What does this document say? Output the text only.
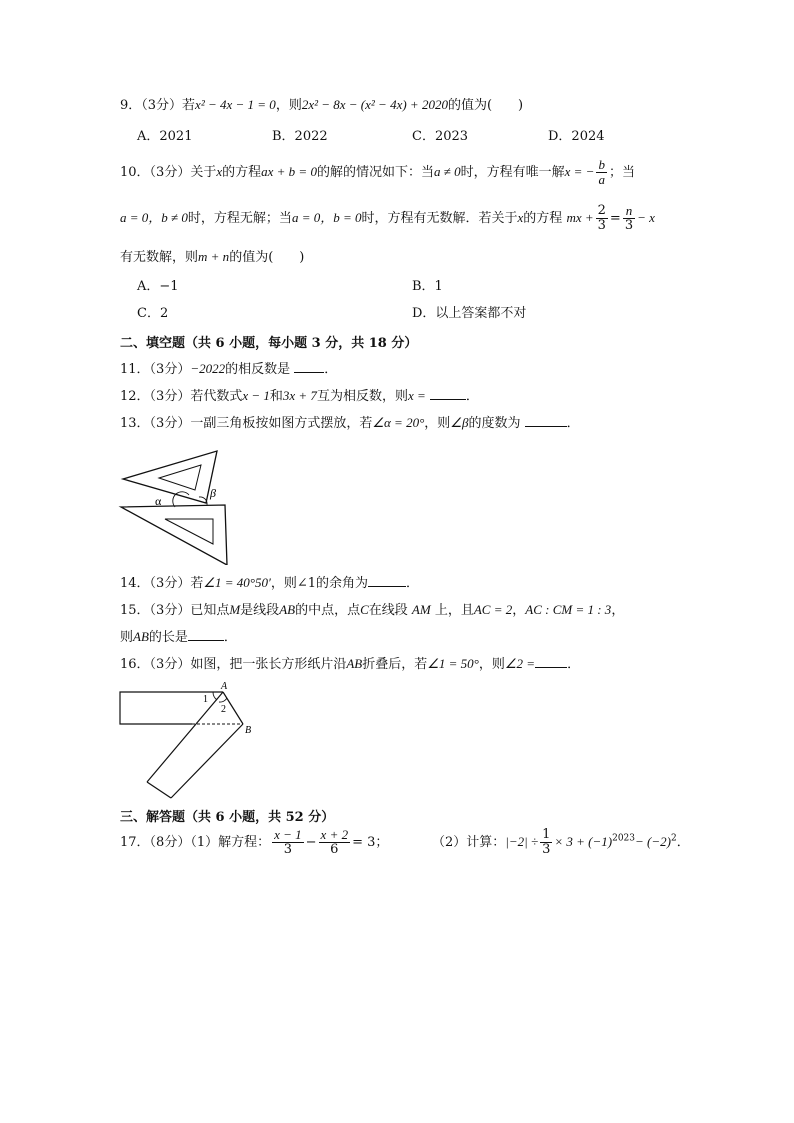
9．（3分）若x² − 4x − 1 = 0，则2x² − 8x − (x² − 4x) + 2020的值为(　　)
A．2021	B．2022	C．2023	D．2024
10．（3分）关于x的方程ax + b = 0的解的情况如下：当a ≠ 0时，方程有唯一解x = − $\frac{b}{a}$ ；当
a = 0，b ≠ 0时，方程无解；当a = 0，b = 0时，方程有无数解．若关于x的方程 mx + $\frac{2}{3} = \frac{n}{3} - x$
有无数解，则m + n的值为(　　)
A．−1	B．1
C．2	D．以上答案都不对
二、填空题（共 6 小题，每小题 3 分，共 18 分）
11．（3分）−2022的相反数是	．
12．（3分）若代数式x − 1和3x + 7互为相反数，则x =	．
13．（3分）一副三角板按如图方式摆放，若∠α = 20°，则∠β的度数为	．
α
β
14．（3分）若∠1 = 40°50′，则∠1的余角为	．
15．（3分）已知点M是线段AB的中点，点C在线段 AM 上，且AC = 2，AC : CM = 1 : 3，
则AB的长是	．
16．（3分）如图，把一张长方形纸片沿AB折叠后，若∠1 = 50°，则∠2 = ．
A
B
1
2
三、解答题（共 6 小题，共 52 分）
17．（8分）（1）解方程： $\frac{x - 1}{3} - \frac{x + 2}{6} = 3$；	（2）计算：$|-2| \div \frac{1}{3} \times 3 + (-1)^{2023}- (-2)^2$．
